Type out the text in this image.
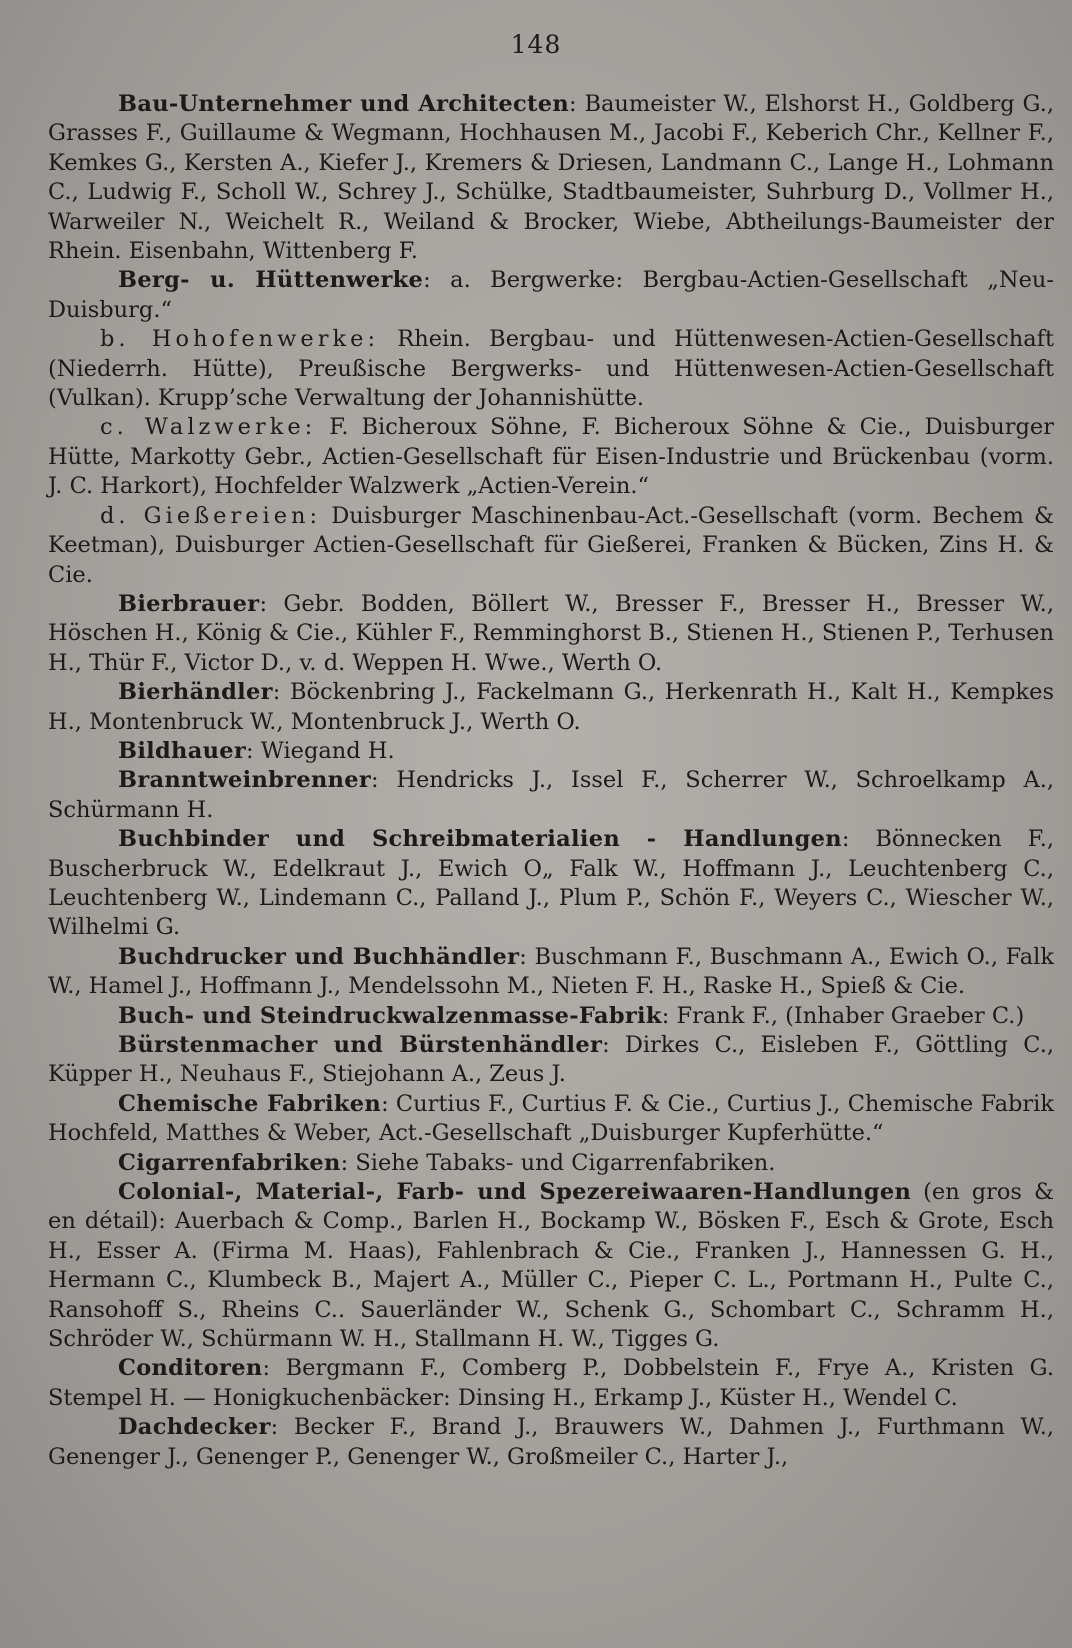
148

Bau-Unternehmer und Architecten: Baumeister W., Elshorst H., Goldberg G., Grasses F., Guillaume & Wegmann, Hochhausen M., Jacobi F., Keberich Chr., Kellner F., Kemkes G., Kersten A., Kiefer J., Kremers & Driesen, Landmann C., Lange H., Lohmann C., Ludwig F., Scholl W., Schrey J., Schülke, Stadtbaumeister, Suhrburg D., Vollmer H., Warweiler N., Weichelt R., Weiland & Brocker, Wiebe, Abtheilungs-Baumeister der Rhein. Eisenbahn, Wittenberg F.

Berg- u. Hüttenwerke: a. Bergwerke: Bergbau-Actien-Gesellschaft „Neu-Duisburg.“

b. Hohofenwerke: Rhein. Bergbau- und Hüttenwesen-Actien-Gesellschaft (Niederrh. Hütte), Preußische Bergwerks- und Hüttenwesen-Actien-Gesellschaft (Vulkan). Krupp’sche Verwaltung der Johannishütte.

c. Walzwerke: F. Bicheroux Söhne, F. Bicheroux Söhne & Cie., Duisburger Hütte, Markotty Gebr., Actien-Gesellschaft für Eisen-Industrie und Brückenbau (vorm. J. C. Harkort), Hochfelder Walzwerk „Actien-Verein.“

d. Gießereien: Duisburger Maschinenbau-Act.-Gesellschaft (vorm. Bechem & Keetman), Duisburger Actien-Gesellschaft für Gießerei, Franken & Bücken, Zins H. & Cie.

Bierbrauer: Gebr. Bodden, Böllert W., Bresser F., Bresser H., Bresser W., Höschen H., König & Cie., Kühler F., Remminghorst B., Stienen H., Stienen P., Terhusen H., Thür F., Victor D., v. d. Weppen H. Wwe., Werth O.

Bierhändler: Böckenbring J., Fackelmann G., Herkenrath H., Kalt H., Kempkes H., Montenbruck W., Montenbruck J., Werth O.

Bildhauer: Wiegand H.

Branntweinbrenner: Hendricks J., Issel F., Scherrer W., Schroelkamp A., Schürmann H.

Buchbinder und Schreibmaterialien - Handlungen: Bönnecken F., Buscherbruck W., Edelkraut J., Ewich O„ Falk W., Hoffmann J., Leuchtenberg C., Leuchtenberg W., Lindemann C., Palland J., Plum P., Schön F., Weyers C., Wiescher W., Wilhelmi G.

Buchdrucker und Buchhändler: Buschmann F., Buschmann A., Ewich O., Falk W., Hamel J., Hoffmann J., Mendelssohn M., Nieten F. H., Raske H., Spieß & Cie.

Buch- und Steindruckwalzenmasse-Fabrik: Frank F., (Inhaber Graeber C.)

Bürstenmacher und Bürstenhändler: Dirkes C., Eisleben F., Göttling C., Küpper H., Neuhaus F., Stiejohann A., Zeus J.

Chemische Fabriken: Curtius F., Curtius F. & Cie., Curtius J., Chemische Fabrik Hochfeld, Matthes & Weber, Act.-Gesellschaft „Duisburger Kupferhütte.“

Cigarrenfabriken: Siehe Tabaks- und Cigarrenfabriken.

Colonial-, Material-, Farb- und Spezereiwaaren-Handlungen (en gros & en détail): Auerbach & Comp., Barlen H., Bockamp W., Bösken F., Esch & Grote, Esch H., Esser A. (Firma M. Haas), Fahlenbrach & Cie., Franken J., Hannessen G. H., Hermann C., Klumbeck B., Majert A., Müller C., Pieper C. L., Portmann H., Pulte C., Ransohoff S., Rheins C.. Sauerländer W., Schenk G., Schombart C., Schramm H., Schröder W., Schürmann W. H., Stallmann H. W., Tigges G.

Conditoren: Bergmann F., Comberg P., Dobbelstein F., Frye A., Kristen G. Stempel H. — Honigkuchenbäcker: Dinsing H., Erkamp J., Küster H., Wendel C.

Dachdecker: Becker F., Brand J., Brauwers W., Dahmen J., Furthmann W., Genenger J., Genenger P., Genenger W., Großmeiler C., Harter J.,
